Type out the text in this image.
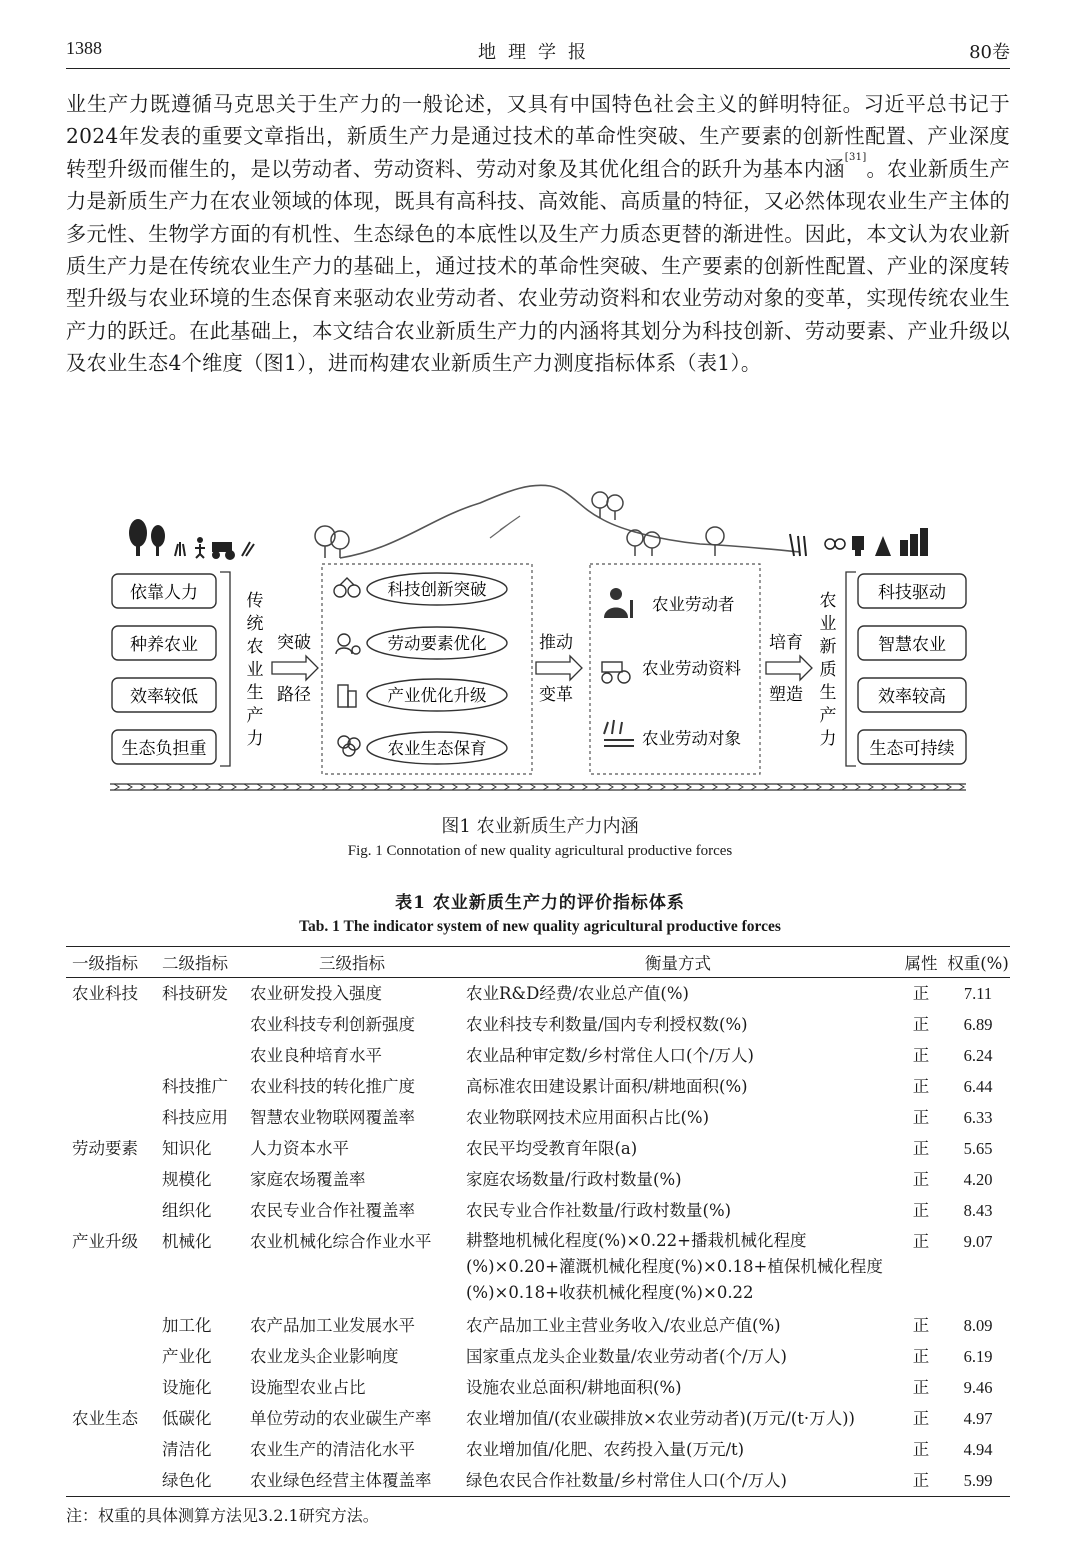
1388	地理学报	80卷

业生产力既遵循马克思关于生产力的一般论述，又具有中国特色社会主义的鲜明特征。习近平总书记于2024年发表的重要文章指出，新质生产力是通过技术的革命性突破、生产要素的创新性配置、产业深度转型升级而催生的，是以劳动者、劳动资料、劳动对象及其优化组合的跃升为基本内涵[31]。农业新质生产力是新质生产力在农业领域的体现，既具有高科技、高效能、高质量的特征，又必然体现农业生产主体的多元性、生物学方面的有机性、生态绿色的本底性以及生产力质态更替的渐进性。因此，本文认为农业新质生产力是在传统农业生产力的基础上，通过技术的革命性突破、生产要素的创新性配置、产业的深度转型升级与农业环境的生态保育来驱动农业劳动者、农业劳动资料和农业劳动对象的变革，实现传统农业生产力的跃迁。在此基础上，本文结合农业新质生产力的内涵将其划分为科技创新、劳动要素、产业升级以及农业生态4个维度（图1），进而构建农业新质生产力测度指标体系（表1）。

依靠人力
种养农业
效率较低
生态负担重
传
统
农
业
生
产
力
突破
路径
科技创新突破
劳动要素优化
产业优化升级
农业生态保育
推动
变革
农业劳动者
农业劳动资料
农业劳动对象
培育
塑造
农
业
新
质
生
产
力
科技驱动
智慧农业
效率较高
生态可持续
图1 农业新质生产力内涵
Fig. 1 Connotation of new quality agricultural productive forces
表1 农业新质生产力的评价指标体系
Tab. 1 The indicator system of new quality agricultural productive forces
一级指标	二级指标	三级指标	衡量方式	属性	权重(%)
农业科技	科技研发	农业研发投入强度	农业R&D经费/农业总产值(%)	正	7.11
		农业科技专利创新强度	农业科技专利数量/国内专利授权数(%)	正	6.89
		农业良种培育水平	农业品种审定数/乡村常住人口(个/万人)	正	6.24
	科技推广	农业科技的转化推广度	高标准农田建设累计面积/耕地面积(%)	正	6.44
	科技应用	智慧农业物联网覆盖率	农业物联网技术应用面积占比(%)	正	6.33
劳动要素	知识化	人力资本水平	农民平均受教育年限(a)	正	5.65
	规模化	家庭农场覆盖率	家庭农场数量/行政村数量(%)	正	4.20
	组织化	农民专业合作社覆盖率	农民专业合作社数量/行政村数量(%)	正	8.43
产业升级	机械化	农业机械化综合作业水平	耕整地机械化程度(%)×0.22+播栽机械化程度(%)×0.20+灌溉机械化程度(%)×0.18+植保机械化程度(%)×0.18+收获机械化程度(%)×0.22	正	9.07
	加工化	农产品加工业发展水平	农产品加工业主营业务收入/农业总产值(%)	正	8.09
	产业化	农业龙头企业影响度	国家重点龙头企业数量/农业劳动者(个/万人)	正	6.19
	设施化	设施型农业占比	设施农业总面积/耕地面积(%)	正	9.46
农业生态	低碳化	单位劳动的农业碳生产率	农业增加值/(农业碳排放×农业劳动者)(万元/(t·万人))	正	4.97
	清洁化	农业生产的清洁化水平	农业增加值/化肥、农药投入量(万元/t)	正	4.94
	绿色化	农业绿色经营主体覆盖率	绿色农民合作社数量/乡村常住人口(个/万人)	正	5.99
注：权重的具体测算方法见3.2.1研究方法。
